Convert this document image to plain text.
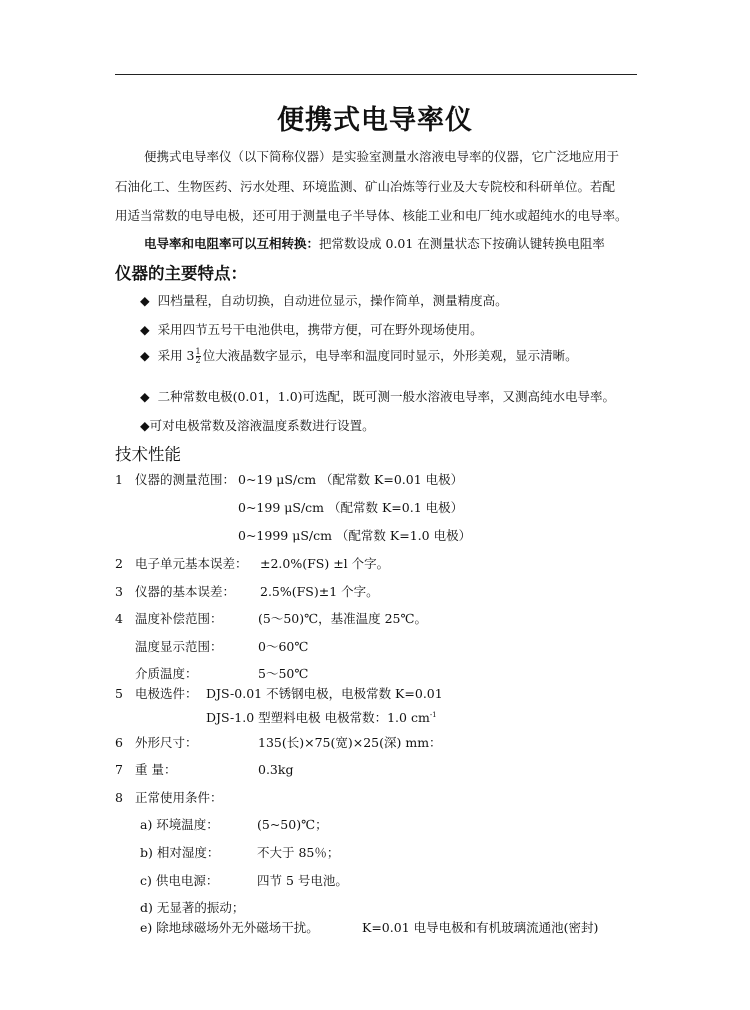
便携式电导率仪
便携式电导率仪（以下简称仪器）是实验室测量水溶液电导率的仪器，它广泛地应用于
石油化工、生物医药、污水处理、环境监测、矿山冶炼等行业及大专院校和科研单位。若配
用适当常数的电导电极，还可用于测量电子半导体、核能工业和电厂纯水或超纯水的电导率。
电导率和电阻率可以互相转换：把常数设成 0.01 在测量状态下按确认键转换电阻率
仪器的主要特点：
◆ 四档量程，自动切换，自动进位显示，操作简单，测量精度高。
◆ 采用四节五号干电池供电，携带方便，可在野外现场使用。
◆ 采用 $3 \frac{1}{2}$ 位大液晶数字显示，电导率和温度同时显示，外形美观，显示清晰。
◆ 二种常数电极(0.01，1.0)可选配，既可测一般水溶液电导率，又测高纯水电导率。
◆可对电极常数及溶液温度系数进行设置。
技术性能
1 仪器的测量范围： 0~19 μS/cm （配常数 K=0.01 电极）
0~199 μS/cm （配常数 K=0.1 电极）
0~1999 μS/cm （配常数 K=1.0 电极）
2 电子单元基本误差： ±2.0%(FS) ±l 个字。
3 仪器的基本误差： 2.5%(FS)±1 个字。
4 温度补偿范围：	(5～50)℃，基准温度 25℃。
温度显示范围：	0～60℃
介质温度：	5～50℃
5 电极选件： DJS-0.01 不锈钢电极，电极常数 K=0.01
DJS-1.0 型塑料电极 电极常数：1.0 $cm^{-1}$
6 外形尺寸：	135(长)×75(宽)×25(深) mm：
7 重 量：	0.3kg
8 正常使用条件：
a) 环境温度：	(5~50)℃；
b) 相对湿度：	不大于 85％；
c) 供电电源：	四节 5 号电池。
d) 无显著的振动；
e) 除地球磁场外无外磁场干扰。	K=0.01 电导电极和有机玻璃流通池(密封)
